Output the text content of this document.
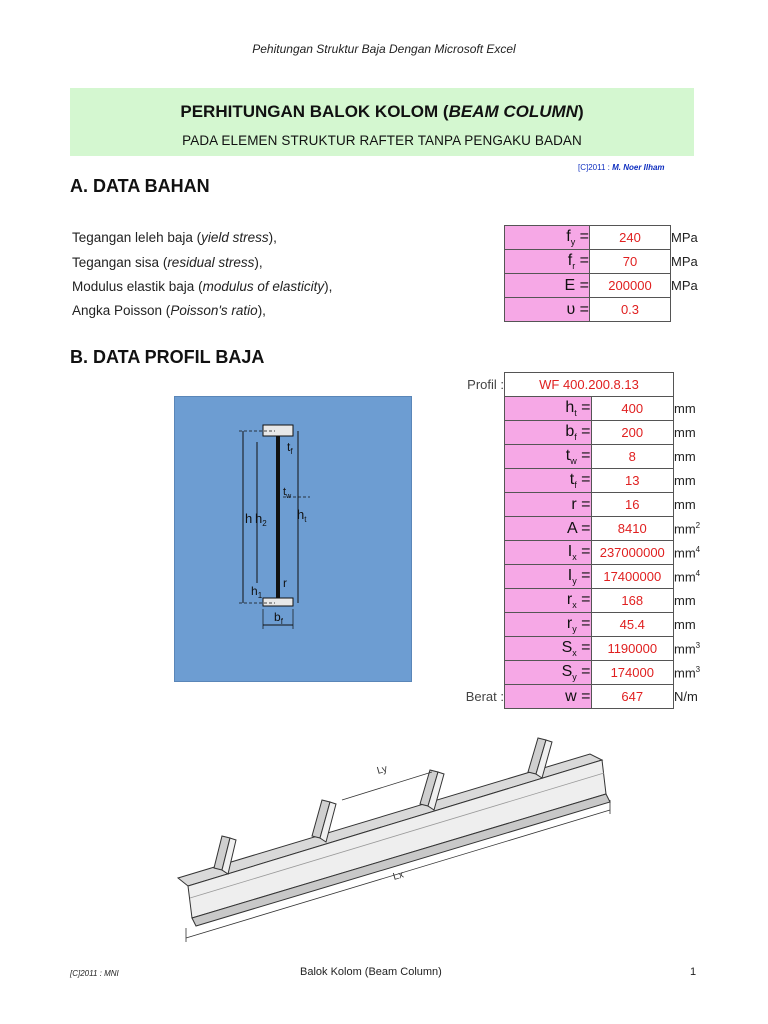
Pehitungan Struktur Baja Dengan Microsoft Excel
PERHITUNGAN BALOK KOLOM (BEAM COLUMN)
PADA ELEMEN STRUKTUR RAFTER TANPA PENGAKU BADAN
[C]2011 : M. Noer Ilham
A. DATA BAHAN
Tegangan leleh baja (yield stress),
Tegangan sisa (residual stress),
Modulus elastik baja (modulus of elasticity),
Angka Poisson (Poisson's ratio),
$f_y$ =	240	MPa
$f_r$ =	70	MPa
E =	200000	MPa
υ =	0.3	
B. DATA PROFIL BAJA
Profil :	WF 400.200.8.13		
	$h_t$ =	400	mm
	$b_f$ =	200	mm
	$t_w$ =	8	mm
	$t_f$ =	13	mm
	r =	16	mm
	A =	8410	$mm^2$
	$I_x$ =	237000000	$mm^4$
	$I_y$ =	17400000	$mm^4$
	$r_x$ =	168	mm
	$r_y$ =	45.4	mm
	$S_x$ =	1190000	$mm^3$
	$S_y$ =	174000	$mm^3$
Berat :	w =	647	N/m
h $h_2$
$h_t$
$t_f$
$t_w$
r
$h_1$
$b_f$
Ly
Lx
[C]2011 : MNI	Balok Kolom (Beam Column)	1
